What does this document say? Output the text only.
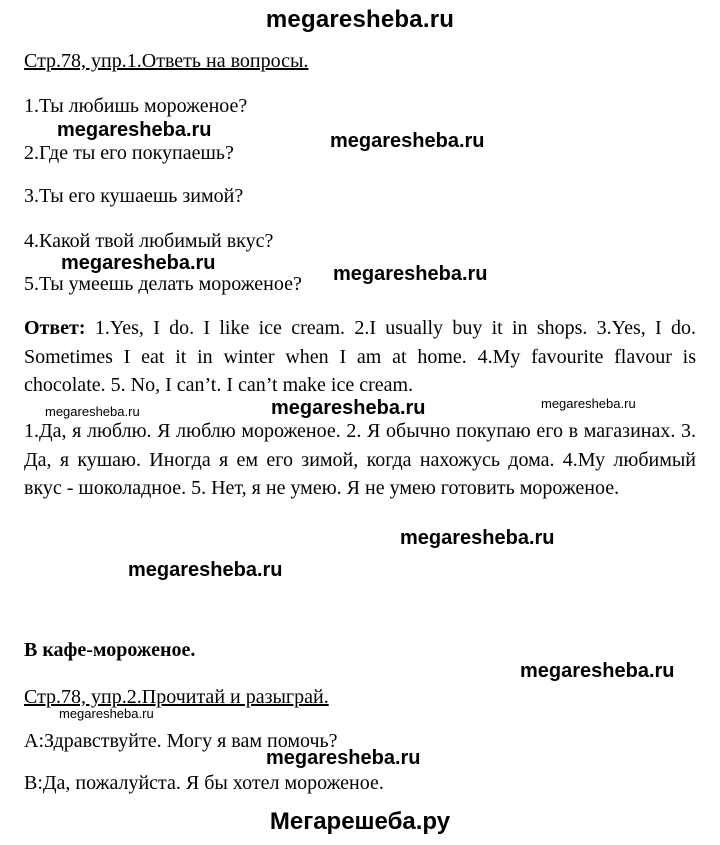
megaresheba.ru
Стр.78, упр.1.Ответь на вопросы.
1.Ты любишь мороженое?
2.Где ты его покупаешь?
3.Ты его кушаешь зимой?
4.Какой твой любимый вкус?
5.Ты умеешь делать мороженое?
Ответ: 1.Yes, I do. I like ice cream. 2.I usually buy it in shops. 3.Yes, I do. Sometimes I eat it in winter when I am at home. 4.My favourite flavour is chocolate. 5. No, I can’t. I can’t make ice cream.
1.Да, я люблю. Я люблю мороженое. 2. Я обычно покупаю его в магазинах. 3. Да, я кушаю. Иногда я ем его зимой, когда нахожусь дома. 4.Му любимый вкус - шоколадное. 5. Нет, я не умею. Я не умею готовить мороженое.
В кафе-мороженое.
Стр.78, упр.2.Прочитай и разыграй.
А:Здравствуйте. Могу я вам помочь?
В:Да, пожалуйста. Я бы хотел мороженое.
megaresheba.ru	megaresheba.ru
megaresheba.ru	megaresheba.ru
megaresheba.ru	megaresheba.ru	megaresheba.ru
megaresheba.ru
megaresheba.ru
megaresheba.ru
megaresheba.ru
megaresheba.ru
Мегарешеба.ру
